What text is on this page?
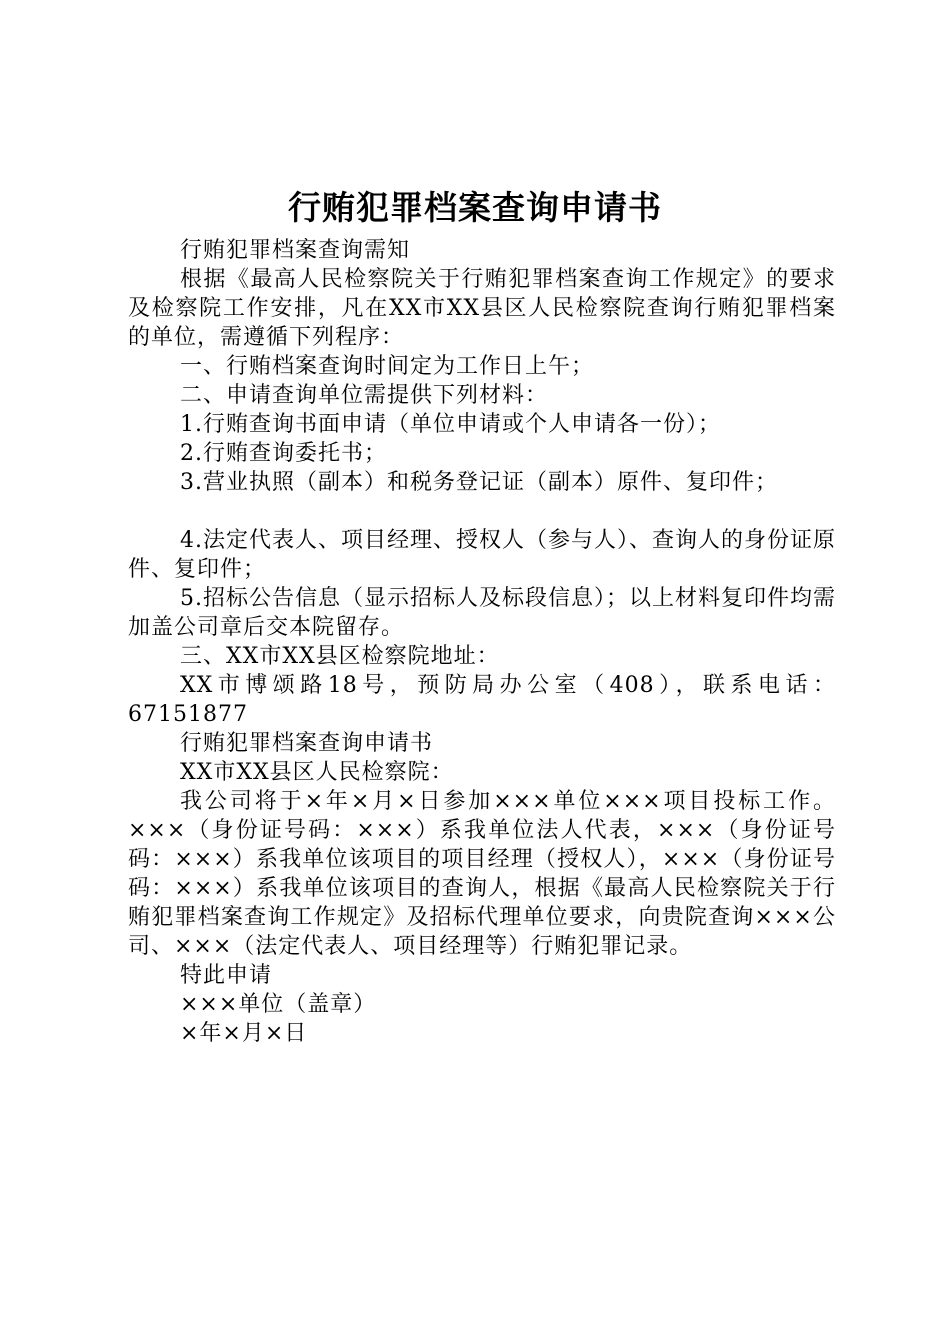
行贿犯罪档案查询申请书

行贿犯罪档案查询需知

根据《最高人民检察院关于行贿犯罪档案查询工作规定》的要求及检察院工作安排，凡在XX市XX县区人民检察院查询行贿犯罪档案的单位，需遵循下列程序：

一、行贿档案查询时间定为工作日上午；

二、申请查询单位需提供下列材料：

1.行贿查询书面申请（单位申请或个人申请各一份）；

2.行贿查询委托书；

3.营业执照（副本）和税务登记证（副本）原件、复印件；

4.法定代表人、项目经理、授权人（参与人）、查询人的身份证原件、复印件；

5.招标公告信息（显示招标人及标段信息）；以上材料复印件均需加盖公司章后交本院留存。

三、XX市XX县区检察院地址：

XX市博颂路18号，预防局办公室（408），联系电话：67151877

行贿犯罪档案查询申请书

XX市XX县区人民检察院：

我公司将于×年×月×日参加×××单位×××项目投标工作。×××（身份证号码：×××）系我单位法人代表，×××（身份证号码：×××）系我单位该项目的项目经理（授权人），×××（身份证号码：×××）系我单位该项目的查询人，根据《最高人民检察院关于行贿犯罪档案查询工作规定》及招标代理单位要求，向贵院查询×××公司、×××（法定代表人、项目经理等）行贿犯罪记录。

特此申请

×××单位（盖章）

×年×月×日
